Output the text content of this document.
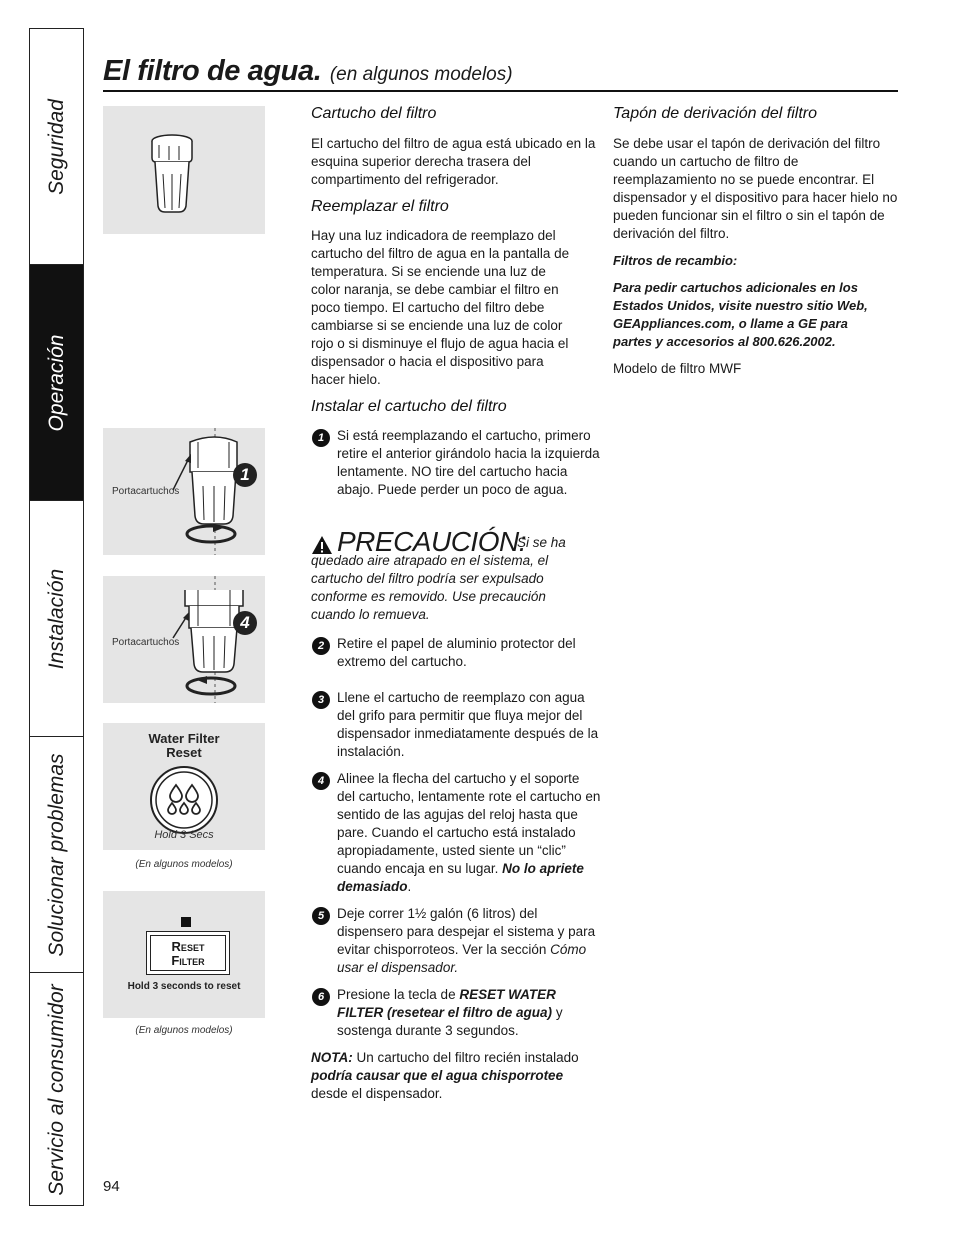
Seguridad
Operación
Instalación
Solucionar problemas
Servicio al consumidor
El filtro de agua. (en algunos modelos)
Portacartuchos
1
Portacartuchos
4
Water Filter
Reset
Hold 3 Secs
(En algunos modelos)
Reset
Filter
Hold 3 seconds to reset
(En algunos modelos)
Cartucho del filtro
El cartucho del filtro de agua está ubicado en la esquina superior derecha trasera del compartimento del refrigerador.
Reemplazar el filtro
Hay una luz indicadora de reemplazo del cartucho del filtro de agua en la pantalla de temperatura. Si se enciende una luz de color naranja, se debe cambiar el filtro en poco tiempo. El cartucho del filtro debe cambiarse si se enciende una luz de color rojo o si disminuye el flujo de agua hacia el dispensador o hacia el dispositivo para hacer hielo.
Instalar el cartucho del filtro
1 Si está reemplazando el cartucho, primero retire el anterior girándolo hacia la izquierda lentamente. NO tire del cartucho hacia abajo. Puede perder un poco de agua.
PRECAUCIÓN:
Si se ha quedado aire atrapado en el sistema, el cartucho del filtro podría ser expulsado conforme es removido. Use precaución cuando lo remueva.
2 Retire el papel de aluminio protector del extremo del cartucho.
3 Llene el cartucho de reemplazo con agua del grifo para permitir que fluya mejor del dispensador inmediatamente después de la instalación.
4 Alinee la flecha del cartucho y el soporte del cartucho, lentamente rote el cartucho en sentido de las agujas del reloj hasta que pare. Cuando el cartucho está instalado apropiadamente, usted siente un “clic” cuando encaja en su lugar. No lo apriete demasiado.
5 Deje correr 1½ galón (6 litros) del dispensero para despejar el sistema y para evitar chisporroteos. Ver la sección Cómo usar el dispensador.
6 Presione la tecla de RESET WATER FILTER (resetear el filtro de agua) y sostenga durante 3 segundos.
NOTA: Un cartucho del filtro recién instalado podría causar que el agua chisporrotee desde el dispensador.
Tapón de derivación del filtro
Se debe usar el tapón de derivación del filtro cuando un cartucho de filtro de reemplazamiento no se puede encontrar. El dispensador y el dispositivo para hacer hielo no pueden funcionar sin el filtro o sin el tapón de derivación del filtro.
Filtros de recambio:
Para pedir cartuchos adicionales en los Estados Unidos, visite nuestro sitio Web, GEAppliances.com, o llame a GE para partes y accesorios al 800.626.2002.
Modelo de filtro MWF
94
